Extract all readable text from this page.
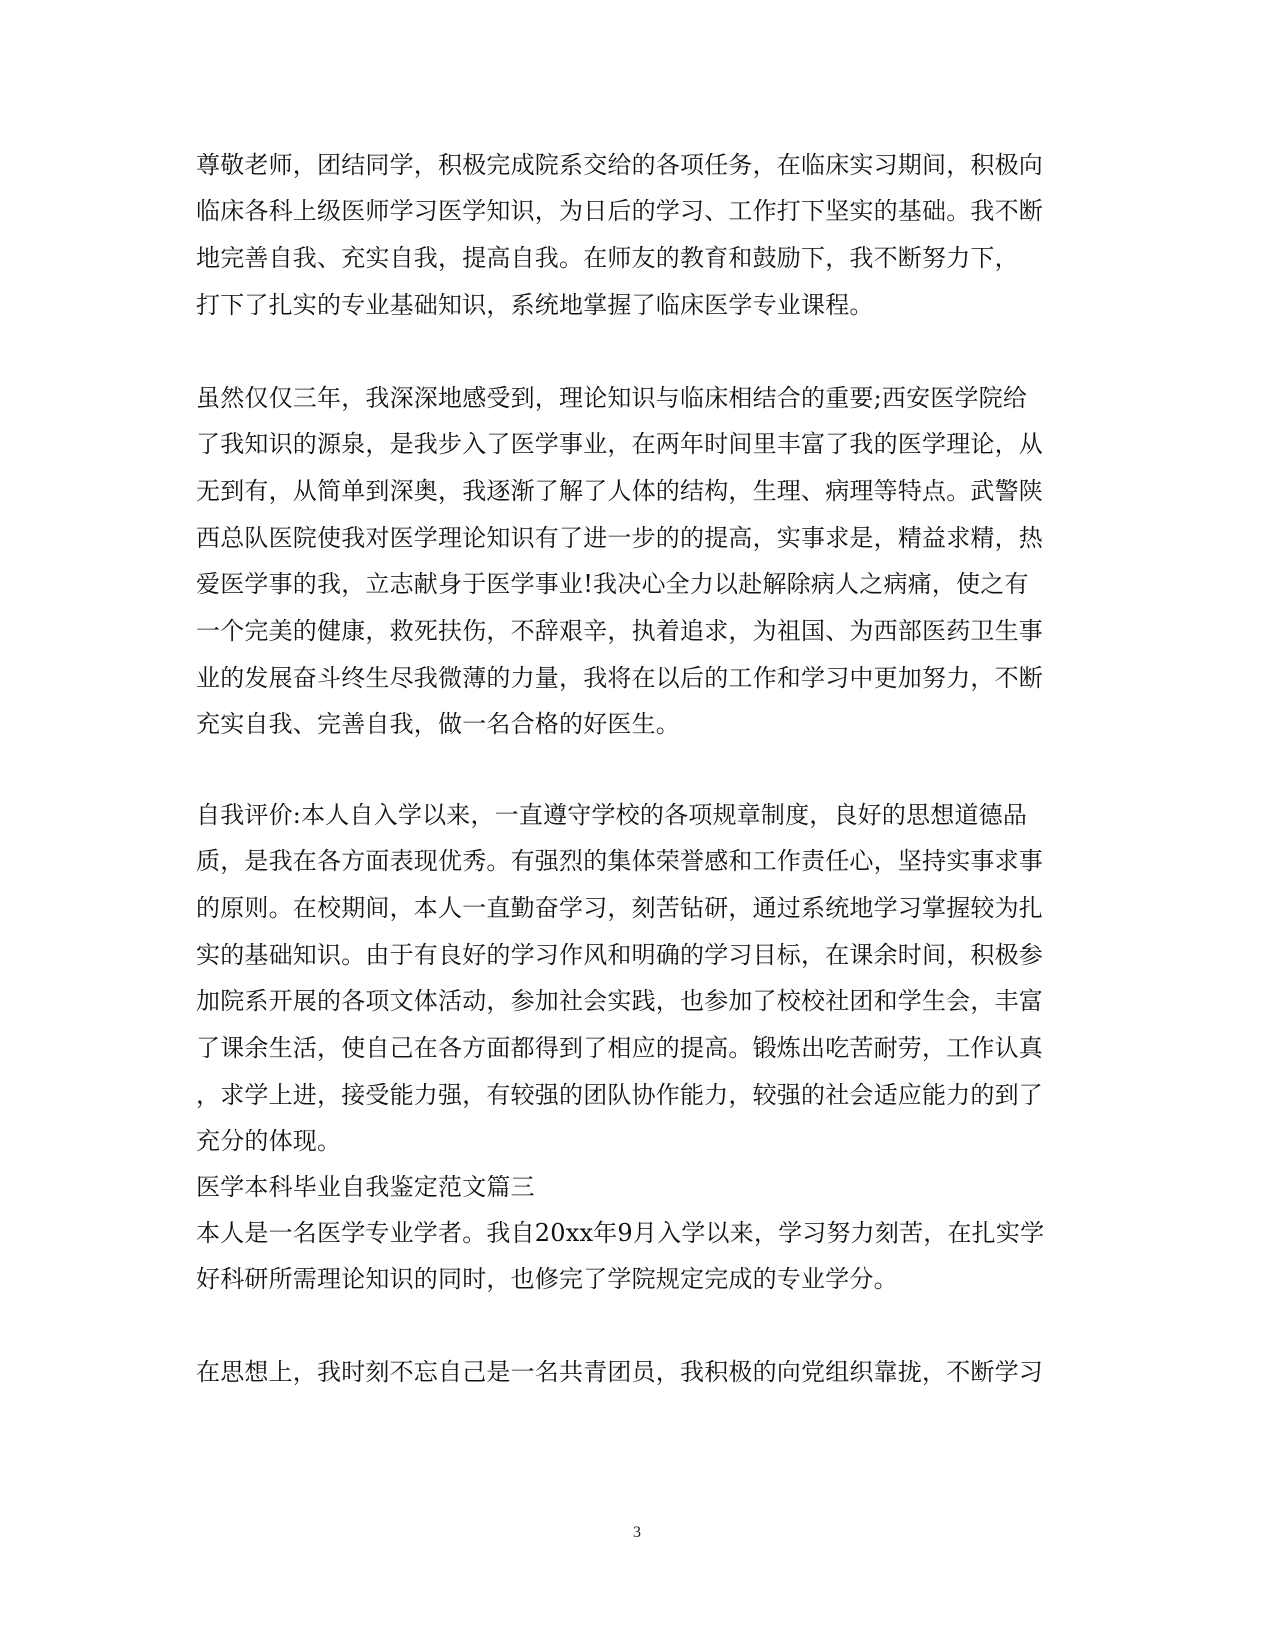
尊敬老师，团结同学，积极完成院系交给的各项任务，在临床实习期间，积极向
临床各科上级医师学习医学知识，为日后的学习、工作打下坚实的基础。我不断
地完善自我、充实自我，提高自我。在师友的教育和鼓励下，我不断努力下，
打下了扎实的专业基础知识，系统地掌握了临床医学专业课程。
虽然仅仅三年，我深深地感受到，理论知识与临床相结合的重要;西安医学院给
了我知识的源泉，是我步入了医学事业，在两年时间里丰富了我的医学理论，从
无到有，从简单到深奥，我逐渐了解了人体的结构，生理、病理等特点。武警陕
西总队医院使我对医学理论知识有了进一步的的提高，实事求是，精益求精，热
爱医学事的我，立志献身于医学事业!我决心全力以赴解除病人之病痛，使之有
一个完美的健康，救死扶伤，不辞艰辛，执着追求，为祖国、为西部医药卫生事
业的发展奋斗终生尽我微薄的力量，我将在以后的工作和学习中更加努力，不断
充实自我、完善自我，做一名合格的好医生。
自我评价:本人自入学以来，一直遵守学校的各项规章制度，良好的思想道德品
质，是我在各方面表现优秀。有强烈的集体荣誉感和工作责任心，坚持实事求事
的原则。在校期间，本人一直勤奋学习，刻苦钻研，通过系统地学习掌握较为扎
实的基础知识。由于有良好的学习作风和明确的学习目标，在课余时间，积极参
加院系开展的各项文体活动，参加社会实践，也参加了校校社团和学生会，丰富
了课余生活，使自己在各方面都得到了相应的提高。锻炼出吃苦耐劳，工作认真
，求学上进，接受能力强，有较强的团队协作能力，较强的社会适应能力的到了
充分的体现。
医学本科毕业自我鉴定范文篇三
本人是一名医学专业学者。我自20xx年9月入学以来，学习努力刻苦，在扎实学
好科研所需理论知识的同时，也修完了学院规定完成的专业学分。
在思想上，我时刻不忘自己是一名共青团员，我积极的向党组织靠拢，不断学习
3
